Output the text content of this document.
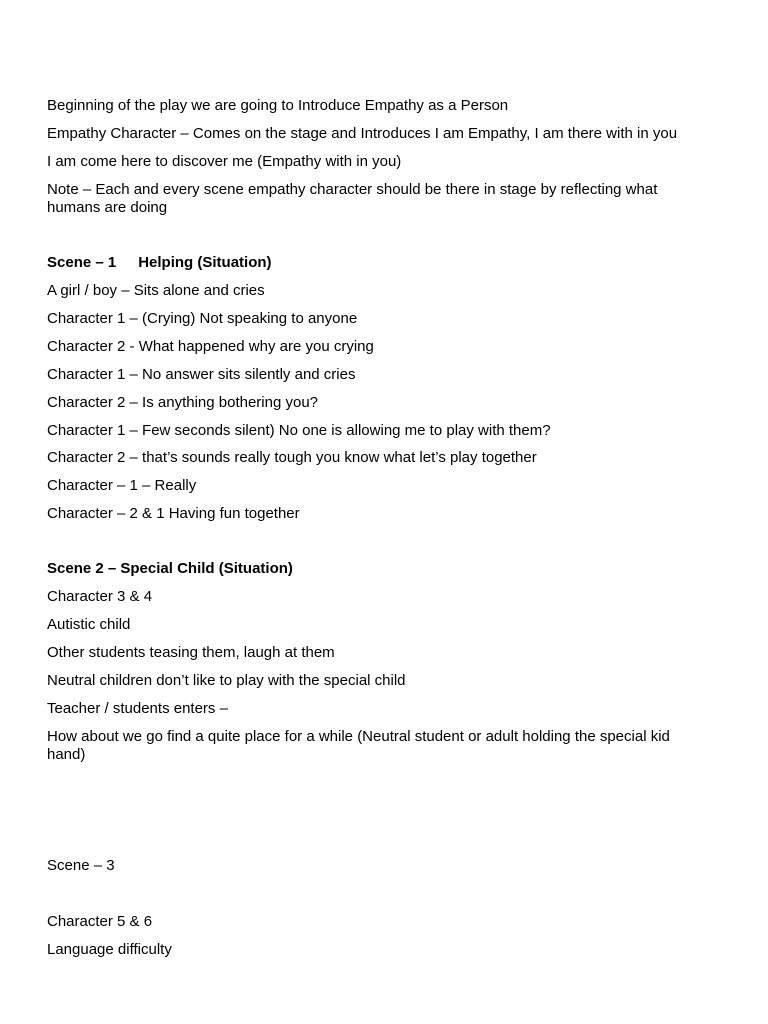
Beginning of the play we are going to Introduce Empathy as a Person
Empathy Character – Comes on the stage and Introduces I am Empathy, I am there with in you
I am come here to discover me (Empathy with in you)
Note – Each and every scene empathy character should be there in stage by reflecting what humans are doing
Scene – 1 Helping (Situation)
A girl / boy – Sits alone and cries
Character 1 – (Crying) Not speaking to anyone
Character 2 - What happened why are you crying
Character 1 – No answer sits silently and cries
Character 2 – Is anything bothering you?
Character 1 – Few seconds silent) No one is allowing me to play with them?
Character 2 – that’s sounds really tough you know what let’s play together
Character – 1 – Really
Character – 2 & 1 Having fun together
Scene 2 – Special Child (Situation)
Character 3 & 4
Autistic child
Other students teasing them, laugh at them
Neutral children don’t like to play with the special child
Teacher / students enters –
How about we go find a quite place for a while (Neutral student or adult holding the special kid hand)
Scene – 3
Character 5 & 6
Language difficulty
